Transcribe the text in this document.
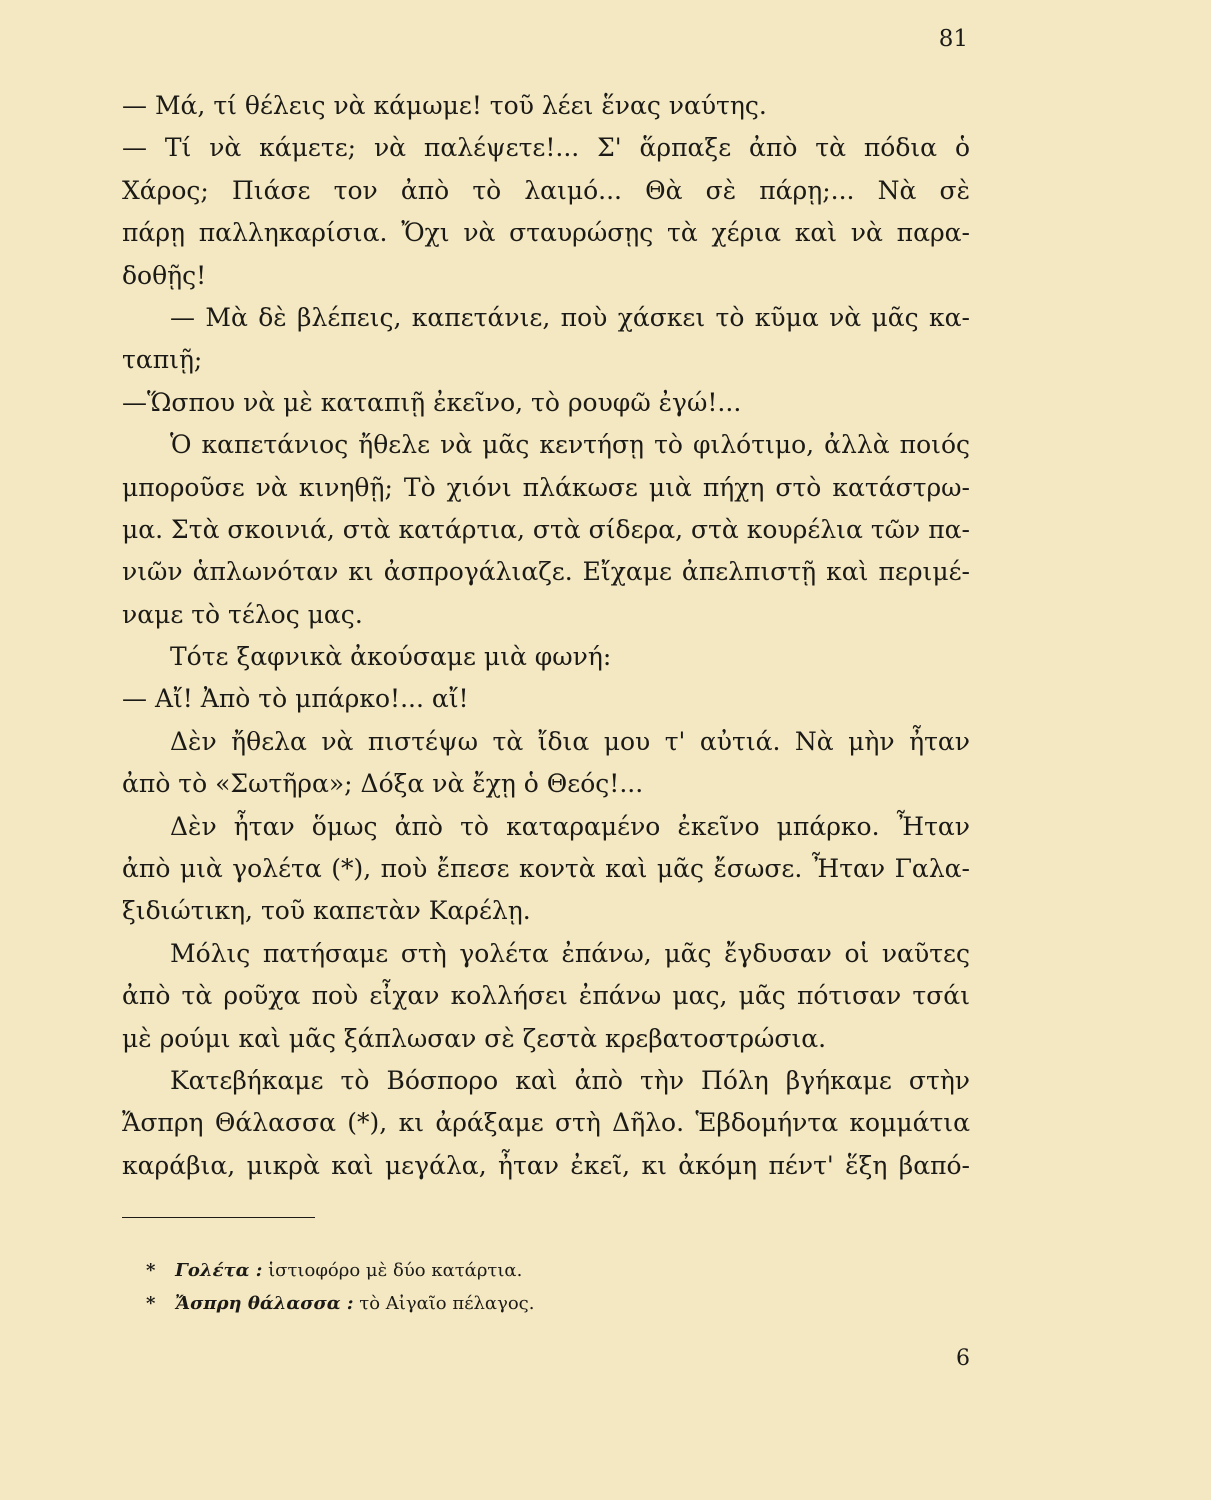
81
— Μά, τί θέλεις νὰ κάμωμε! τοῦ λέει ἕνας ναύτης.
— Τί νὰ κάμετε; νὰ παλέψετε!... Σ' ἅρπαξε ἀπὸ τὰ πόδια ὁ
Χάρος; Πιάσε τον ἀπὸ τὸ λαιμό... Θὰ σὲ πάρῃ;... Νὰ σὲ
πάρῃ παλληκαρίσια. Ὄχι νὰ σταυρώσῃς τὰ χέρια καὶ νὰ παρα-
δοθῇς!
— Μὰ δὲ βλέπεις, καπετάνιε, ποὺ χάσκει τὸ κῦμα νὰ μᾶς κα-
ταπιῇ;
—Ὥσπου νὰ μὲ καταπιῇ ἐκεῖνο, τὸ ρουφῶ ἐγώ!...
Ὁ καπετάνιος ἤθελε νὰ μᾶς κεντήσῃ τὸ φιλότιμο, ἀλλὰ ποιός
μποροῦσε νὰ κινηθῇ; Τὸ χιόνι πλάκωσε μιὰ πήχη στὸ κατάστρω-
μα. Στὰ σκοινιά, στὰ κατάρτια, στὰ σίδερα, στὰ κουρέλια τῶν πα-
νιῶν ἁπλωνόταν κι ἀσπρογάλιαζε. Εἴχαμε ἀπελπιστῇ καὶ περιμέ-
ναμε τὸ τέλος μας.
Τότε ξαφνικὰ ἀκούσαμε μιὰ φωνή:
— Αἴ! Ἀπὸ τὸ μπάρκο!... αἴ!
Δὲν ἤθελα νὰ πιστέψω τὰ ἴδια μου τ' αὐτιά. Νὰ μὴν ἦταν
ἀπὸ τὸ «Σωτῆρα»; Δόξα νὰ ἔχῃ ὁ Θεός!...
Δὲν ἦταν ὅμως ἀπὸ τὸ καταραμένο ἐκεῖνο μπάρκο. Ἦταν
ἀπὸ μιὰ γολέτα (*), ποὺ ἔπεσε κοντὰ καὶ μᾶς ἔσωσε. Ἦταν Γαλα-
ξιδιώτικη, τοῦ καπετὰν Καρέλῃ.
Μόλις πατήσαμε στὴ γολέτα ἐπάνω, μᾶς ἔγδυσαν οἱ ναῦτες
ἀπὸ τὰ ροῦχα ποὺ εἶχαν κολλήσει ἐπάνω μας, μᾶς πότισαν τσάι
μὲ ρούμι καὶ μᾶς ξάπλωσαν σὲ ζεστὰ κρεβατοστρώσια.
Κατεβήκαμε τὸ Βόσπορο καὶ ἀπὸ τὴν Πόλη βγήκαμε στὴν
Ἄσπρη Θάλασσα (*), κι ἀράξαμε στὴ Δῆλο. Ἑβδομήντα κομμάτια
καράβια, μικρὰ καὶ μεγάλα, ἦταν ἐκεῖ, κι ἀκόμη πέντ' ἕξη βαπό-
* Γολέτα : ἱστιοφόρο μὲ δύο κατάρτια.
* Ἄσπρη θάλασσα : τὸ Αἰγαῖο πέλαγος.
6
